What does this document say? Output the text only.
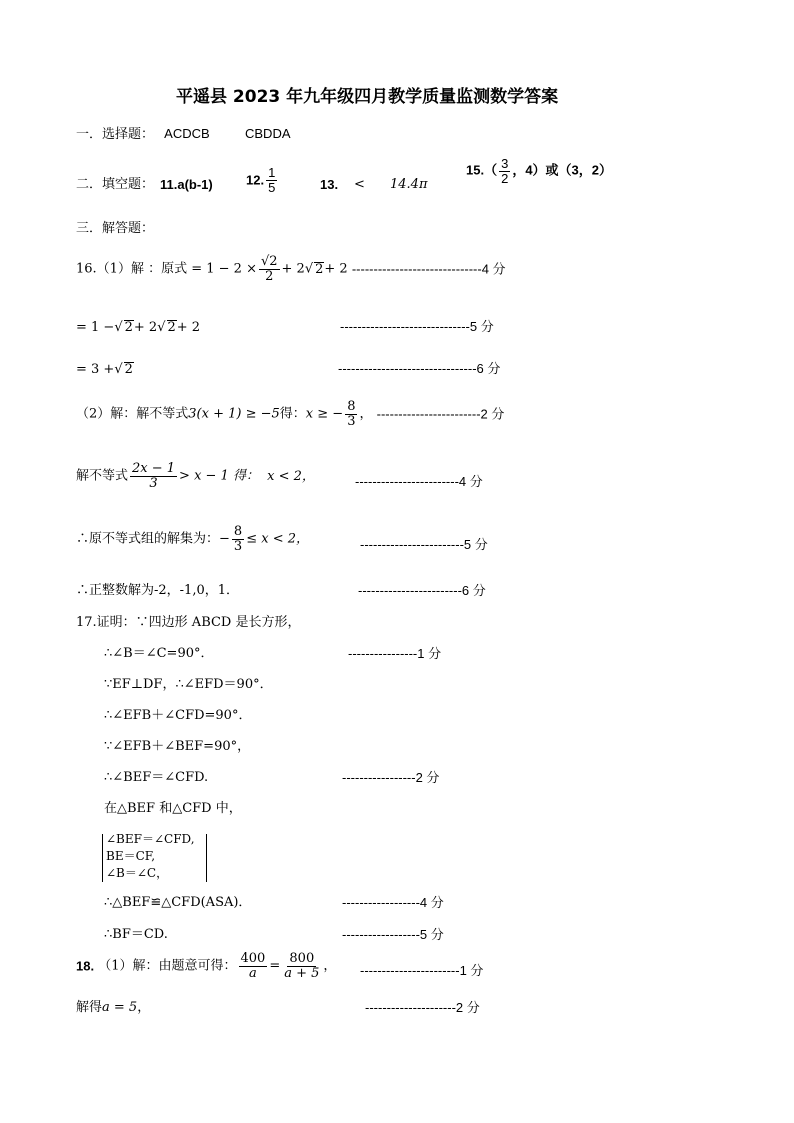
平遥县 2023 年九年级四月教学质量监测数学答案
一．选择题： ACDCB	CBDDA
二．填空题： 11.a(b-1)	12. $\frac{1}{5}$	13. < 14.4π
$15.( \frac{3}{2}$ ，4）或（3，2）
三．解答题：
16.（1）解 ：原式 = $1 - 2 \times \frac{√2}{2} + 2√$ 2+ 2 ------------------------------4 分
= 1 −√ 2+ 2√ 2+ 2	------------------------------5 分
= 3 +√ 2	--------------------------------6 分
（2）解：解不等式3(x + 1) ≥ −5得：x ≥ − $\frac{8}{3}$ ， ------------------------2 分
解不等式 $\frac{2x - 1}{3} > x - 1$ 得： x < 2，	------------------------4 分
∴原不等式组的解集为：− $\frac{8}{3} \le x < 2$，	------------------------5 分
∴正整数解为-2，-1,0，1．	------------------------6 分
17.证明：∵四边形 ABCD 是长方形，
∴∠B＝∠C=90°．	----------------1 分
∵EF⊥DF，∴∠EFD＝90°．
∴∠EFB＋∠CFD=90°．
∵∠EFB＋∠BEF=90°，
∴∠BEF＝∠CFD.	-----------------2 分
在△BEF 和△CFD 中，
∠BEF＝∠CFD,
BE＝CF,
∠B＝∠C，
∴△BEF≌△CFD(ASA)．	------------------4 分
∴BF＝CD.	------------------5 分
18. （1）解：由题意可得： $\frac{400}{a} = \frac{800}{a + 5}$ ， -----------------------1 分
解得a = 5，	---------------------2 分
